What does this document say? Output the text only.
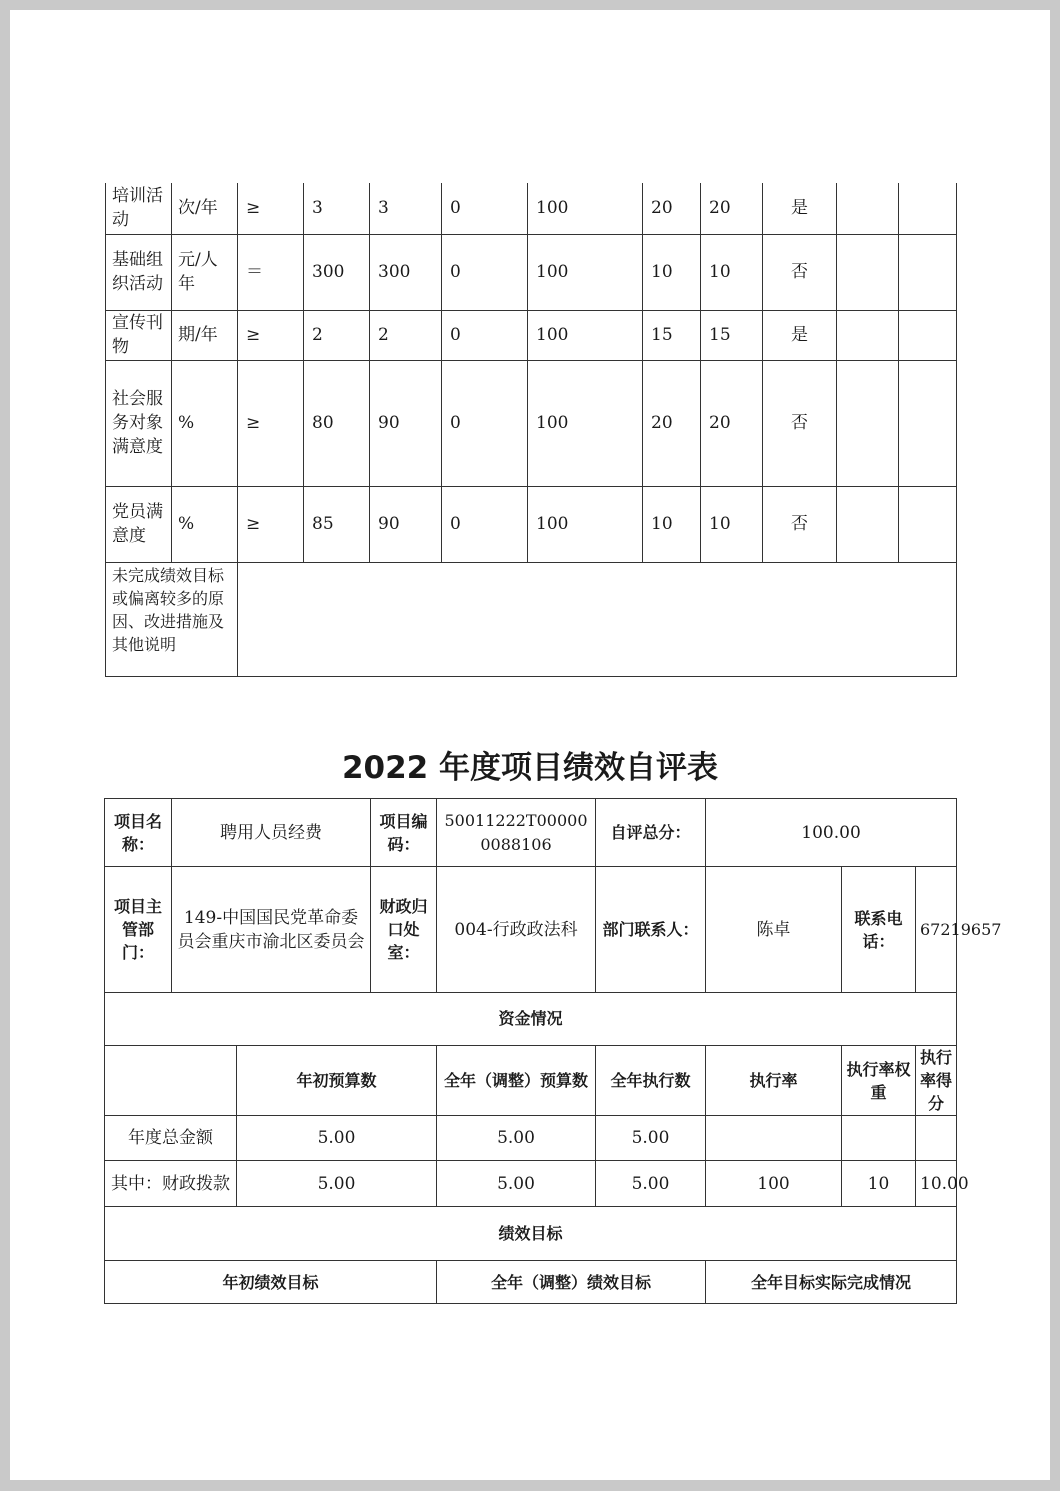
培训活动	次/年	≥	3	3	0	100	20	20	是		
基础组织活动	元/人年	＝	300	300	0	100	10	10	否		
宣传刊物	期/年	≥	2	2	0	100	15	15	是		
社会服务对象满意度	%	≥	80	90	0	100	20	20	否		
党员满意度	%	≥	85	90	0	100	10	10	否		
未完成绩效目标或偏离较多的原因、改进措施及其他说明											
2022 年度项目绩效自评表
项目名称：	聘用人员经费		项目编码：	50011222T000000088106	自评总分：	100.00		
项目主管部门：	149-中国国民党革命委员会重庆市渝北区委员会		财政归口处室：	004-行政政法科	部门联系人：	陈卓	联系电话：	67219657
资金情况								
		年初预算数		全年（调整）预算数	全年执行数	执行率	执行率权重	执行率得分
年度总金额		5.00		5.00	5.00			
其中：财政拨款		5.00		5.00	5.00	100	10	10.00
绩效目标								
年初绩效目标				全年（调整）绩效目标		全年目标实际完成情况		
